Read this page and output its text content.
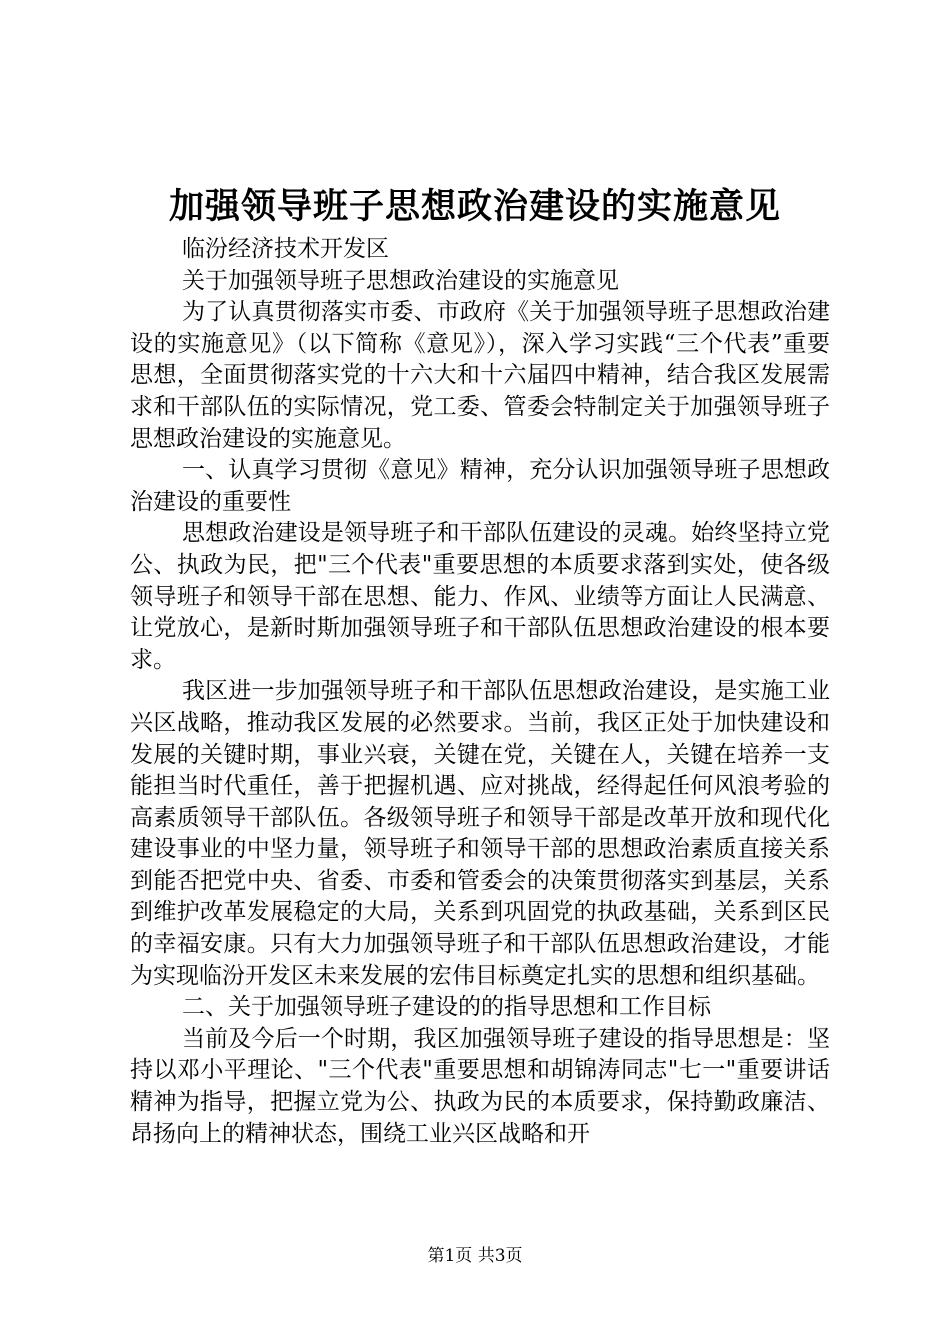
加强领导班子思想政治建设的实施意见

临汾经济技术开发区

关于加强领导班子思想政治建设的实施意见

为了认真贯彻落实市委、市政府《关于加强领导班子思想政治建设的实施意见》（以下简称《意见》），深入学习实践“三个代表”重要思想，全面贯彻落实党的十六大和十六届四中精神，结合我区发展需求和干部队伍的实际情况，党工委、管委会特制定关于加强领导班子思想政治建设的实施意见。

一、认真学习贯彻《意见》精神，充分认识加强领导班子思想政治建设的重要性

思想政治建设是领导班子和干部队伍建设的灵魂。始终坚持立党公、执政为民，把"三个代表"重要思想的本质要求落到实处，使各级领导班子和领导干部在思想、能力、作风、业绩等方面让人民满意、让党放心，是新时斯加强领导班子和干部队伍思想政治建设的根本要求。

我区进一步加强领导班子和干部队伍思想政治建设，是实施工业兴区战略，推动我区发展的必然要求。当前，我区正处于加快建设和发展的关键时期，事业兴衰，关键在党，关键在人，关键在培养一支能担当时代重任，善于把握机遇、应对挑战，经得起任何风浪考验的高素质领导干部队伍。各级领导班子和领导干部是改革开放和现代化建设事业的中坚力量，领导班子和领导干部的思想政治素质直接关系到能否把党中央、省委、市委和管委会的决策贯彻落实到基层，关系到维护改革发展稳定的大局，关系到巩固党的执政基础，关系到区民的幸福安康。只有大力加强领导班子和干部队伍思想政治建设，才能为实现临汾开发区未来发展的宏伟目标奠定扎实的思想和组织基础。

二、关于加强领导班子建设的的指导思想和工作目标

当前及今后一个时期，我区加强领导班子建设的指导思想是：坚持以邓小平理论、"三个代表"重要思想和胡锦涛同志"七一"重要讲话精神为指导，把握立党为公、执政为民的本质要求，保持勤政廉洁、昂扬向上的精神状态，围绕工业兴区战略和开

第1页 共3页
